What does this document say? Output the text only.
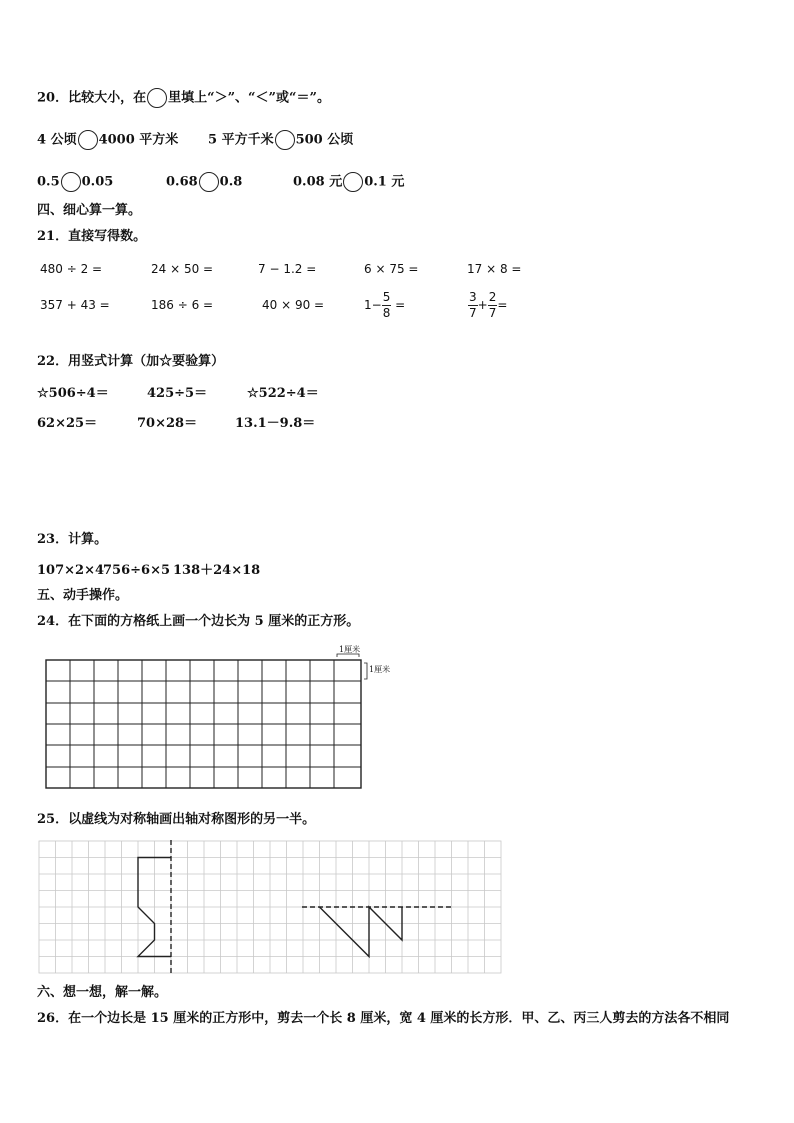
20．比较大小，在 里填上“＞”、“＜”或“＝”。
4 公顷 4000 平方米 5 平方千米 500 公顷
0.5 0.05	0.68 0.8	0.08 元 0.1 元
四、细心算一算。
21．直接写得数。
480 ÷ 2 =	24 × 50 =	7 − 1.2 =	6 × 75 =	17 × 8 =
357 + 43 =	186 ÷ 6 =	40 × 90 =	$1- \frac{5}{8}$ =	$\frac{3}{7} + \frac{2}{7}$ =
22．用竖式计算（加☆要验算）
☆506÷4＝	425÷5＝	☆522÷4＝
62×25＝	70×28＝	13.1－9.8＝
23．计算。
107×2×4
756÷6×5 138＋24×18
五、动手操作。
24．在下面的方格纸上画一个边长为 5 厘米的正方形。
1厘米
1厘米
25．以虚线为对称轴画出轴对称图形的另一半。
六、想一想，解一解。
26．在一个边长是 15 厘米的正方形中，剪去一个长 8 厘米，宽 4 厘米的长方形．甲、乙、丙三人剪去的方法各不相同
